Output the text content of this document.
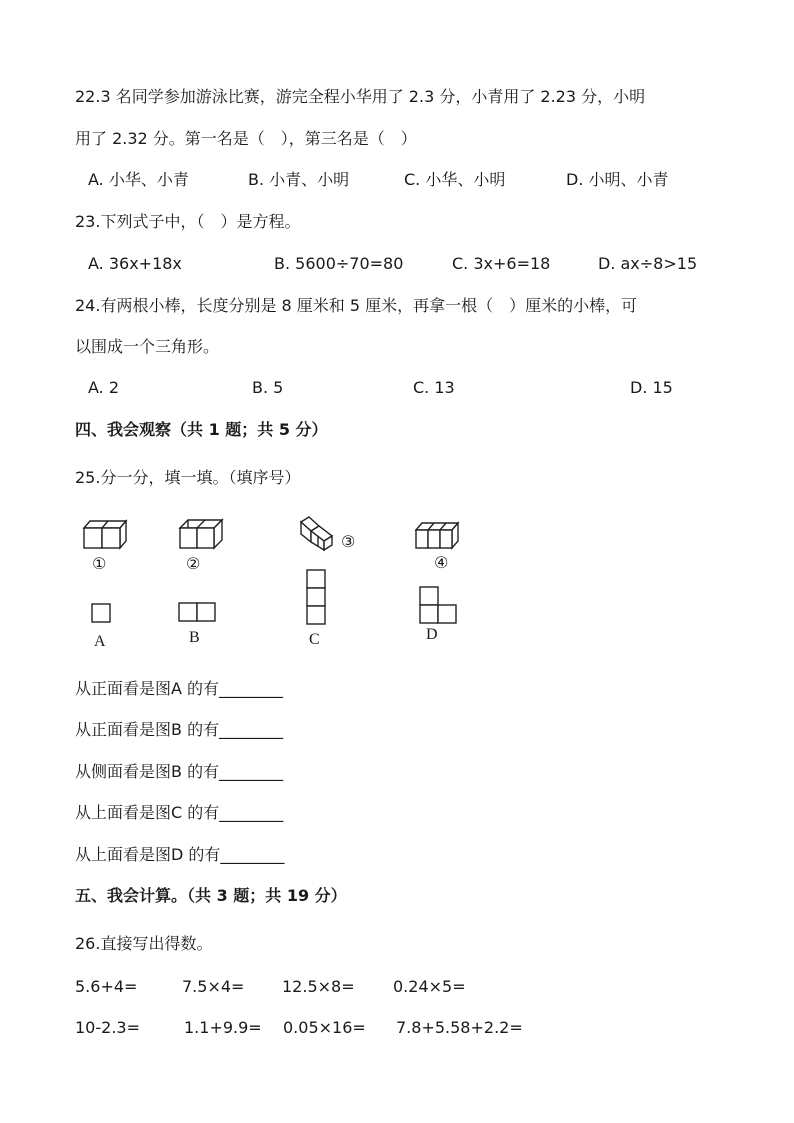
22.3 名同学参加游泳比赛，游完全程小华用了 2.3 分，小青用了 2.23 分，小明
用了 2.32 分。第一名是（　），第三名是（　）
A. 小华、小青	B. 小青、小明	C. 小华、小明	D. 小明、小青
23.下列式子中，（　）是方程。
A. 36x+18x	B. 5600÷70=80	C. 3x+6=18	D. ax÷8>15
24.有两根小棒，长度分别是 8 厘米和 5 厘米，再拿一根（　）厘米的小棒，可
以围成一个三角形。
A. 2	B. 5	C. 13	D. 15
四、我会观察（共 1 题；共 5 分）
25.分一分，填一填。（填序号）
①	②
③
④
A	B	C	D
从正面看是图A 的有________
从正面看是图B 的有________
从侧面看是图B 的有________
从上面看是图C 的有________
从上面看是图D 的有________
五、我会计算。（共 3 题；共 19 分）
26.直接写出得数。
5.6+4=	7.5×4= 12.5×8= 0.24×5=
10-2.3=	1.1+9.9= 0.05×16= 7.8+5.58+2.2=
